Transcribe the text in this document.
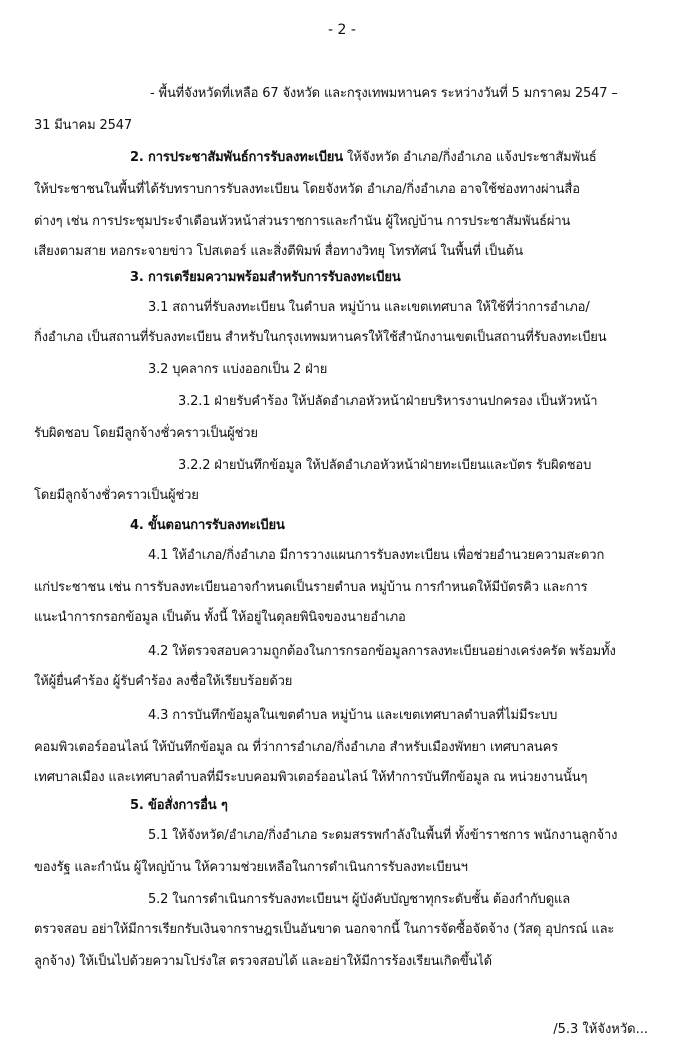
- 2 -
- พื้นที่จังหวัดที่เหลือ 67 จังหวัด และกรุงเทพมหานคร ระหว่างวันที่ 5 มกราคม 2547 –
31 มีนาคม 2547
2. การประชาสัมพันธ์การรับลงทะเบียน ให้จังหวัด อำเภอ/กิ่งอำเภอ แจ้งประชาสัมพันธ์
ให้ประชาชนในพื้นที่ได้รับทราบการรับลงทะเบียน โดยจังหวัด อำเภอ/กิ่งอำเภอ อาจใช้ช่องทางผ่านสื่อ
ต่างๆ เช่น การประชุมประจำเดือนหัวหน้าส่วนราชการและกำนัน ผู้ใหญ่บ้าน การประชาสัมพันธ์ผ่าน
เสียงตามสาย หอกระจายข่าว โปสเตอร์ และสิ่งตีพิมพ์ สื่อทางวิทยุ โทรทัศน์ ในพื้นที่ เป็นต้น
3. การเตรียมความพร้อมสำหรับการรับลงทะเบียน
3.1 สถานที่รับลงทะเบียน ในตำบล หมู่บ้าน และเขตเทศบาล ให้ใช้ที่ว่าการอำเภอ/
กิ่งอำเภอ เป็นสถานที่รับลงทะเบียน สำหรับในกรุงเทพมหานครให้ใช้สำนักงานเขตเป็นสถานที่รับลงทะเบียน
3.2 บุคลากร แบ่งออกเป็น 2 ฝ่าย
3.2.1 ฝ่ายรับคำร้อง ให้ปลัดอำเภอหัวหน้าฝ่ายบริหารงานปกครอง เป็นหัวหน้า
รับผิดชอบ โดยมีลูกจ้างชั่วคราวเป็นผู้ช่วย
3.2.2 ฝ่ายบันทึกข้อมูล ให้ปลัดอำเภอหัวหน้าฝ่ายทะเบียนและบัตร รับผิดชอบ
โดยมีลูกจ้างชั่วคราวเป็นผู้ช่วย
4. ขั้นตอนการรับลงทะเบียน
4.1 ให้อำเภอ/กิ่งอำเภอ มีการวางแผนการรับลงทะเบียน เพื่อช่วยอำนวยความสะดวก
แก่ประชาชน เช่น การรับลงทะเบียนอาจกำหนดเป็นรายตำบล หมู่บ้าน การกำหนดให้มีบัตรคิว และการ
แนะนำการกรอกข้อมูล เป็นต้น ทั้งนี้ ให้อยู่ในดุลยพินิจของนายอำเภอ
4.2 ให้ตรวจสอบความถูกต้องในการกรอกข้อมูลการลงทะเบียนอย่างเคร่งครัด พร้อมทั้ง
ให้ผู้ยื่นคำร้อง ผู้รับคำร้อง ลงชื่อให้เรียบร้อยด้วย
4.3 การบันทึกข้อมูลในเขตตำบล หมู่บ้าน และเขตเทศบาลตำบลที่ไม่มีระบบ
คอมพิวเตอร์ออนไลน์ ให้บันทึกข้อมูล ณ ที่ว่าการอำเภอ/กิ่งอำเภอ สำหรับเมืองพัทยา เทศบาลนคร
เทศบาลเมือง และเทศบาลตำบลที่มีระบบคอมพิวเตอร์ออนไลน์ ให้ทำการบันทึกข้อมูล ณ หน่วยงานนั้นๆ
5. ข้อสั่งการอื่น ๆ
5.1 ให้จังหวัด/อำเภอ/กิ่งอำเภอ ระดมสรรพกำลังในพื้นที่ ทั้งข้าราชการ พนักงานลูกจ้าง
ของรัฐ และกำนัน ผู้ใหญ่บ้าน ให้ความช่วยเหลือในการดำเนินการรับลงทะเบียนฯ
5.2 ในการดำเนินการรับลงทะเบียนฯ ผู้บังคับบัญชาทุกระดับชั้น ต้องกำกับดูแล
ตรวจสอบ อย่าให้มีการเรียกรับเงินจากราษฎรเป็นอันขาด นอกจากนี้ ในการจัดซื้อจัดจ้าง (วัสดุ อุปกรณ์ และ
ลูกจ้าง) ให้เป็นไปด้วยความโปร่งใส ตรวจสอบได้ และอย่าให้มีการร้องเรียนเกิดขึ้นได้
/5.3 ให้จังหวัด...
